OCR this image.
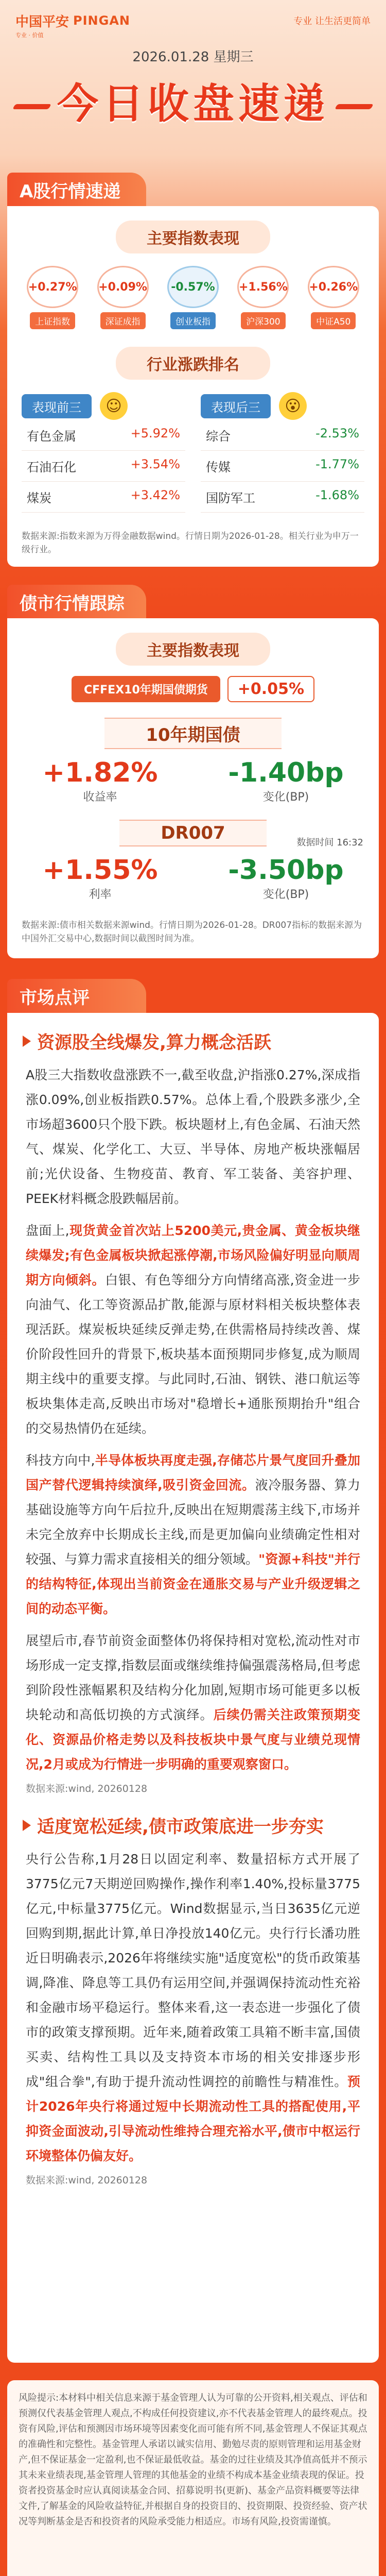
中国平安 PINGAN	专业 让生活更简单
专业 · 价值
2026.01.28 星期三
今日收盘速递
A股行情速递
主要指数表现
+0.27%
上证指数
+0.09%
深证成指
-0.57%
创业板指
+1.56%
沪深300
+0.26%
中证A50
行业涨跌排名
表现前三	☺
有色金属	+5.92%
石油石化	+3.54%
煤炭	+3.42%
表现后三	😮
综合	-2.53%
传媒	-1.77%
国防军工	-1.68%
数据来源:指数来源为万得金融数据wind。行情日期为2026-01-28。相关行业为申万一级行业。
债市行情跟踪
主要指数表现
CFFEX10年期国债期货	+0.05%
10年期国债
+1.82%
收益率
-1.40bp
变化(BP)
DR007	数据时间 16:32
+1.55%
利率
-3.50bp
变化(BP)
数据来源:债市相关数据来源wind。行情日期为2026-01-28。DR007指标的数据来源为中国外汇交易中心,数据时间以截图时间为准。
市场点评
资源股全线爆发,算力概念活跃

A股三大指数收盘涨跌不一,截至收盘,沪指涨0.27%,深成指涨0.09%,创业板指跌0.57%。总体上看,个股跌多涨少,全市场超3600只个股下跌。板块题材上,有色金属、石油天然气、煤炭、化学化工、大豆、半导体、房地产板块涨幅居前;光伏设备、生物疫苗、教育、军工装备、美容护理、PEEK材料概念股跌幅居前。

盘面上,现货黄金首次站上5200美元,贵金属、黄金板块继续爆发;有色金属板块掀起涨停潮,市场风险偏好明显向顺周期方向倾斜。白银、有色等细分方向情绪高涨,资金进一步向油气、化工等资源品扩散,能源与原材料相关板块整体表现活跃。煤炭板块延续反弹走势,在供需格局持续改善、煤价阶段性回升的背景下,板块基本面预期同步修复,成为顺周期主线中的重要支撑。与此同时,石油、钢铁、港口航运等板块集体走高,反映出市场对"稳增长+通胀预期抬升"组合的交易热情仍在延续。

科技方向中,半导体板块再度走强,存储芯片景气度回升叠加国产替代逻辑持续演绎,吸引资金回流。液冷服务器、算力基础设施等方向午后拉升,反映出在短期震荡主线下,市场并未完全放弃中长期成长主线,而是更加偏向业绩确定性相对较强、与算力需求直接相关的细分领域。"资源+科技"并行的结构特征,体现出当前资金在通胀交易与产业升级逻辑之间的动态平衡。

展望后市,春节前资金面整体仍将保持相对宽松,流动性对市场形成一定支撑,指数层面或继续维持偏强震荡格局,但考虑到阶段性涨幅累积及结构分化加剧,短期市场可能更多以板块轮动和高低切换的方式演绎。后续仍需关注政策预期变化、资源品价格走势以及科技板块中景气度与业绩兑现情况,2月或成为行情进一步明确的重要观察窗口。

数据来源:wind, 20260128
适度宽松延续,债市政策底进一步夯实

央行公告称,1月28日以固定利率、数量招标方式开展了3775亿元7天期逆回购操作,操作利率1.40%,投标量3775亿元,中标量3775亿元。Wind数据显示,当日3635亿元逆回购到期,据此计算,单日净投放140亿元。央行行长潘功胜近日明确表示,2026年将继续实施"适度宽松"的货币政策基调,降准、降息等工具仍有运用空间,并强调保持流动性充裕和金融市场平稳运行。整体来看,这一表态进一步强化了债市的政策支撑预期。近年来,随着政策工具箱不断丰富,国债买卖、结构性工具以及支持资本市场的相关安排逐步形成"组合拳",有助于提升流动性调控的前瞻性与精准性。预计2026年央行将通过短中长期流动性工具的搭配使用,平抑资金面波动,引导流动性维持合理充裕水平,债市中枢运行环境整体仍偏友好。

数据来源:wind, 20260128
风险提示:本材料中相关信息来源于基金管理人认为可靠的公开资料,相关观点、评估和预测仅代表基金管理人观点,不构成任何投资建议,亦不代表基金管理人的最终观点。投资有风险,评估和预测因市场环境等因素变化而可能有所不同,基金管理人不保证其观点的准确性和完整性。基金管理人承诺以诚实信用、勤勉尽责的原则管理和运用基金财产,但不保证基金一定盈利,也不保证最低收益。基金的过往业绩及其净值高低并不预示其未来业绩表现,基金管理人管理的其他基金的业绩不构成本基金业绩表现的保证。投资者投资基金时应认真阅读基金合同、招募说明书(更新)、基金产品资料概要等法律文件,了解基金的风险收益特征,并根据自身的投资目的、投资期限、投资经验、资产状况等判断基金是否和投资者的风险承受能力相适应。市场有风险,投资需谨慎。
